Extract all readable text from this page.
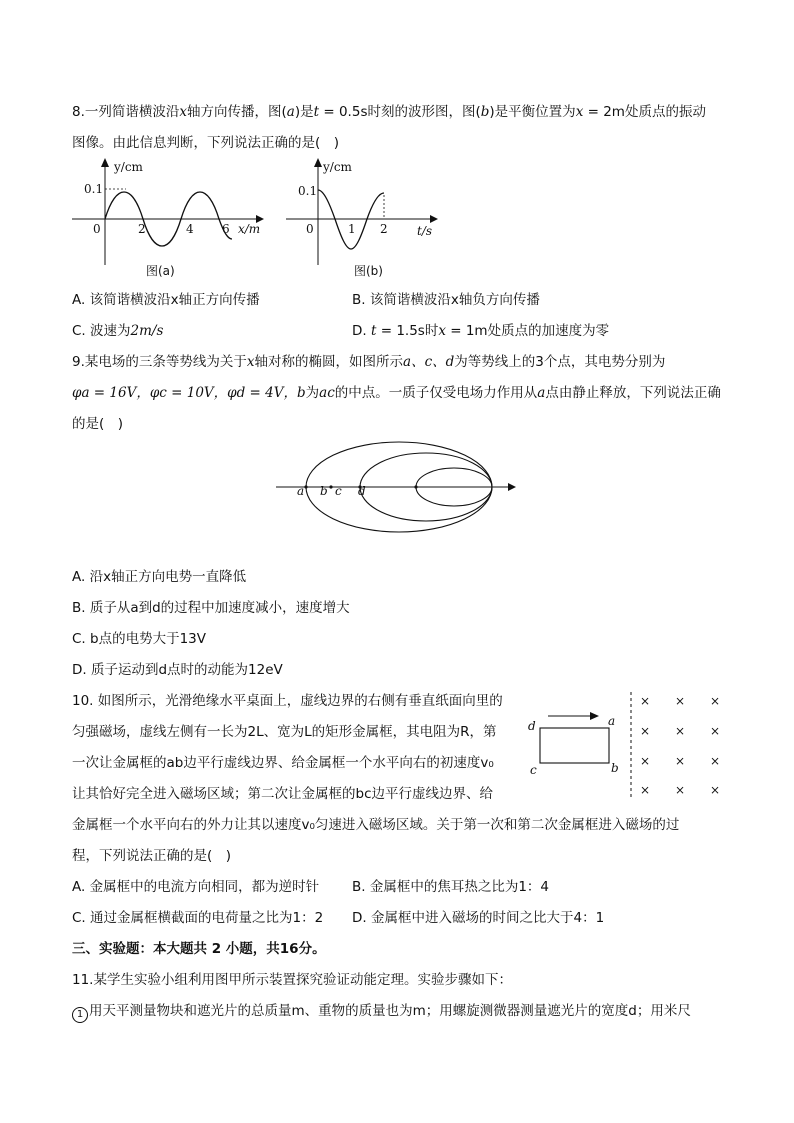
8.一列简谐横波沿x轴方向传播，图(a)是t = 0.5s时刻的波形图，图(b)是平衡位置为x = 2m处质点的振动
图像。由此信息判断，下列说法正确的是(　)
y/cm
0.1
0	2	4 6 x/m
图(a)
y/cm
0.1
0	1 2 t/s
图(b)
A. 该简谐横波沿x轴正方向传播	B. 该简谐横波沿x轴负方向传播
C. 波速为2m/s	D. t = 1.5s时x = 1m处质点的加速度为零
9.某电场的三条等势线为关于x轴对称的椭圆，如图所示a、c、d为等势线上的3个点，其电势分别为
φa = 16V，φc = 10V，φd = 4V，b为ac的中点。一质子仅受电场力作用从a点由静止释放，下列说法正确
的是(　)
a b c d
A. 沿x轴正方向电势一直降低
B. 质子从a到d的过程中加速度减小，速度增大
C. b点的电势大于13V
D. 质子运动到d点时的动能为12eV
10. 如图所示，光滑绝缘水平桌面上，虚线边界的右侧有垂直纸面向里的
匀强磁场，虚线左侧有一长为2L、宽为L的矩形金属框，其电阻为R，第
一次让金属框的ab边平行虚线边界、给金属框一个水平向右的初速度v₀
让其恰好完全进入磁场区域；第二次让金属框的bc边平行虚线边界、给
金属框一个水平向右的外力让其以速度v₀匀速进入磁场区域。关于第一次和第二次金属框进入磁场的过
程，下列说法正确的是(　)
d	a
c	b
× × ×
× × ×
× × ×
× × ×
A. 金属框中的电流方向相同，都为逆时针 B. 金属框中的焦耳热之比为1：4
C. 通过金属框横截面的电荷量之比为1：2 D. 金属框中进入磁场的时间之比大于4：1
三、实验题：本大题共 2 小题，共16分。
11.某学生实验小组利用图甲所示装置探究验证动能定理。实验步骤如下：
1 用天平测量物块和遮光片的总质量m、重物的质量也为m；用螺旋测微器测量遮光片的宽度d；用米尺
